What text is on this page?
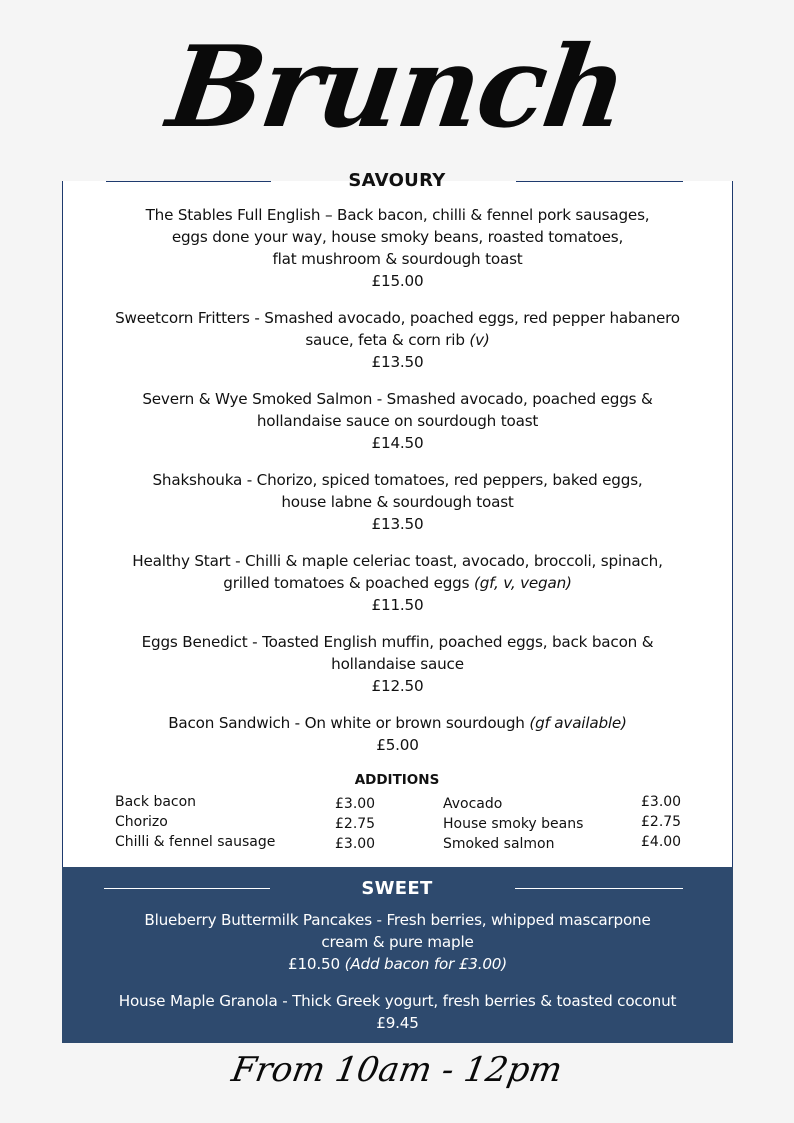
Brunch
SAVOURY
The Stables Full English – Back bacon, chilli & fennel pork sausages,
eggs done your way, house smoky beans, roasted tomatoes,
flat mushroom & sourdough toast
£15.00
Sweetcorn Fritters - Smashed avocado, poached eggs, red pepper habanero
sauce, feta & corn rib (v)
£13.50
Severn & Wye Smoked Salmon - Smashed avocado, poached eggs &
hollandaise sauce on sourdough toast
£14.50
Shakshouka - Chorizo, spiced tomatoes, red peppers, baked eggs,
house labne & sourdough toast
£13.50
Healthy Start - Chilli & maple celeriac toast, avocado, broccoli, spinach,
grilled tomatoes & poached eggs (gf, v, vegan)
£11.50
Eggs Benedict - Toasted English muffin, poached eggs, back bacon &
hollandaise sauce
£12.50
Bacon Sandwich - On white or brown sourdough (gf available)
£5.00
ADDITIONS
Back bacon	£3.00
Chorizo	£2.75
Chilli & fennel sausage	£3.00
Avocado	£3.00
House smoky beans	£2.75
Smoked salmon	£4.00
SWEET
Blueberry Buttermilk Pancakes - Fresh berries, whipped mascarpone
cream & pure maple
£10.50 (Add bacon for £3.00)
House Maple Granola - Thick Greek yogurt, fresh berries & toasted coconut
£9.45
From 10am - 12pm
